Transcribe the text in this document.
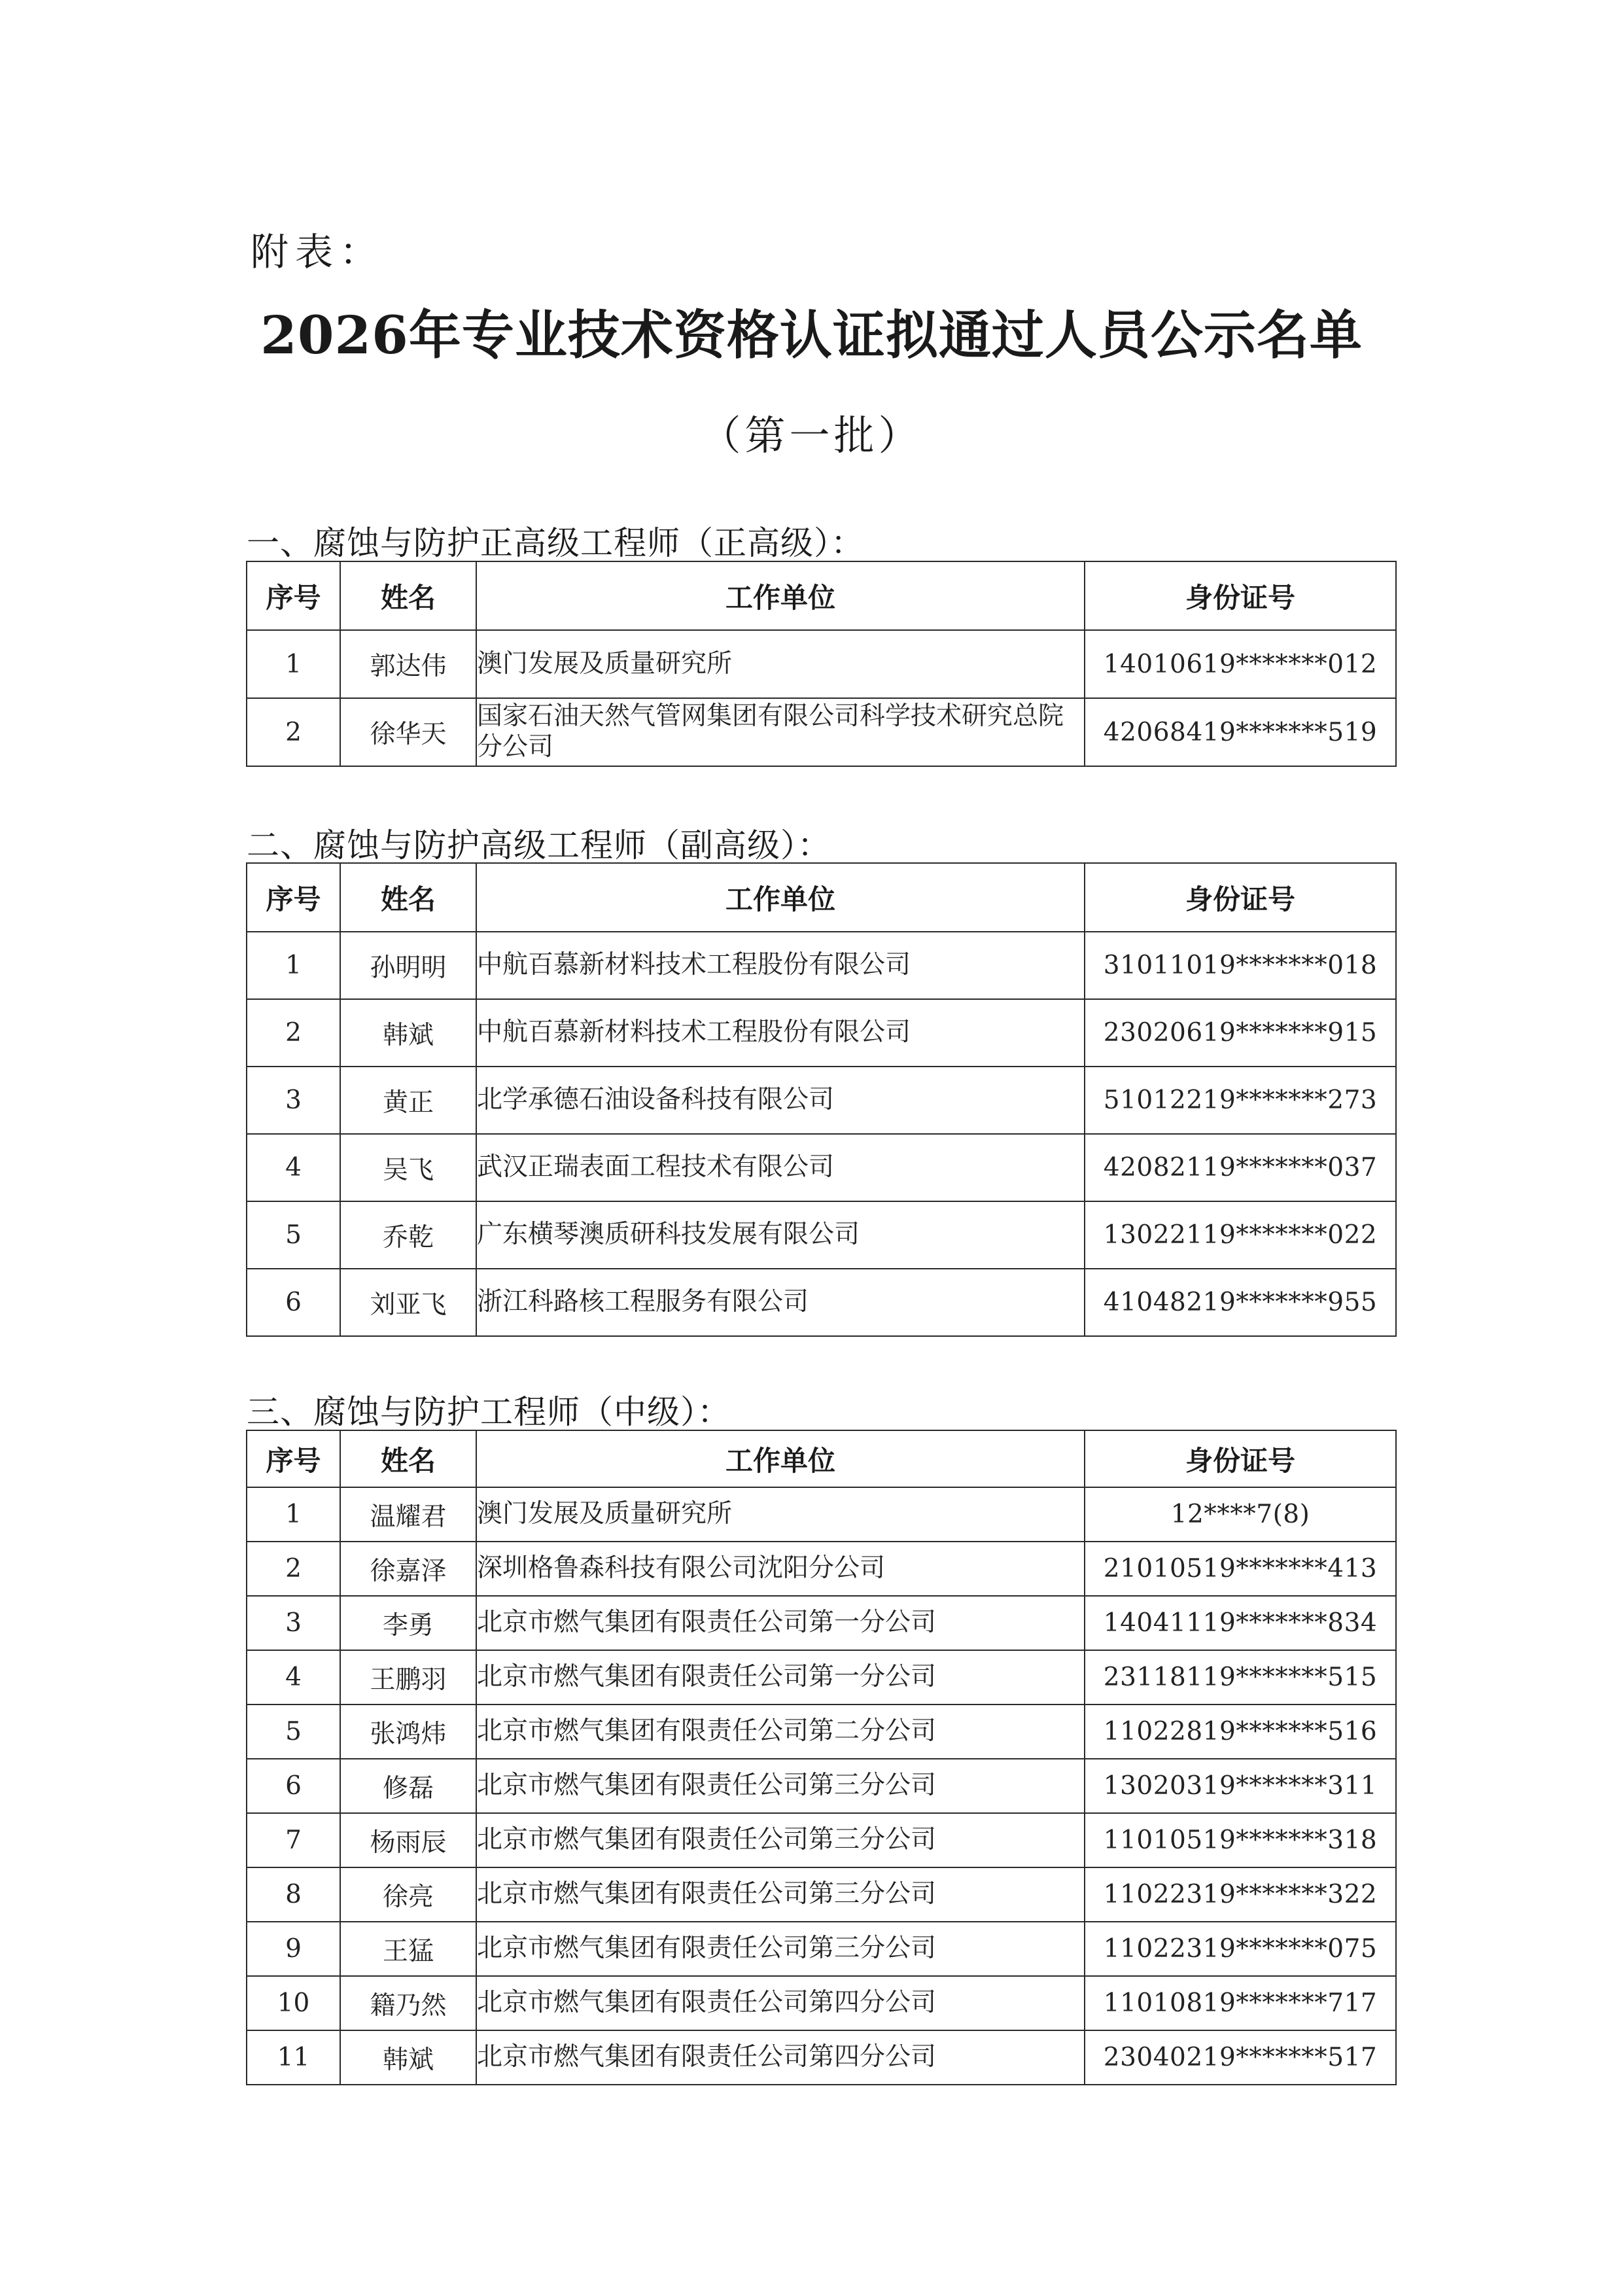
附表：
2026年专业技术资格认证拟通过人员公示名单
（第一批）
一、腐蚀与防护正高级工程师（正高级）：
序号	姓名	工作单位	身份证号
1	郭达伟	澳门发展及质量研究所	14010619*******012
2	徐华天	国家石油天然气管网集团有限公司科学技术研究总院分公司	42068419*******519
二、腐蚀与防护高级工程师（副高级）：
序号	姓名	工作单位	身份证号
1	孙明明	中航百慕新材料技术工程股份有限公司	31011019*******018
2	韩斌	中航百慕新材料技术工程股份有限公司	23020619*******915
3	黄正	北学承德石油设备科技有限公司	51012219*******273
4	吴飞	武汉正瑞表面工程技术有限公司	42082119*******037
5	乔乾	广东横琴澳质研科技发展有限公司	13022119*******022
6	刘亚飞	浙江科路核工程服务有限公司	41048219*******955
三、腐蚀与防护工程师（中级）：
序号	姓名	工作单位	身份证号
1	温耀君	澳门发展及质量研究所	12****7(8)
2	徐嘉泽	深圳格鲁森科技有限公司沈阳分公司	21010519*******413
3	李勇	北京市燃气集团有限责任公司第一分公司	14041119*******834
4	王鹏羽	北京市燃气集团有限责任公司第一分公司	23118119*******515
5	张鸿炜	北京市燃气集团有限责任公司第二分公司	11022819*******516
6	修磊	北京市燃气集团有限责任公司第三分公司	13020319*******311
7	杨雨辰	北京市燃气集团有限责任公司第三分公司	11010519*******318
8	徐亮	北京市燃气集团有限责任公司第三分公司	11022319*******322
9	王猛	北京市燃气集团有限责任公司第三分公司	11022319*******075
10	籍乃然	北京市燃气集团有限责任公司第四分公司	11010819*******717
11	韩斌	北京市燃气集团有限责任公司第四分公司	23040219*******517
